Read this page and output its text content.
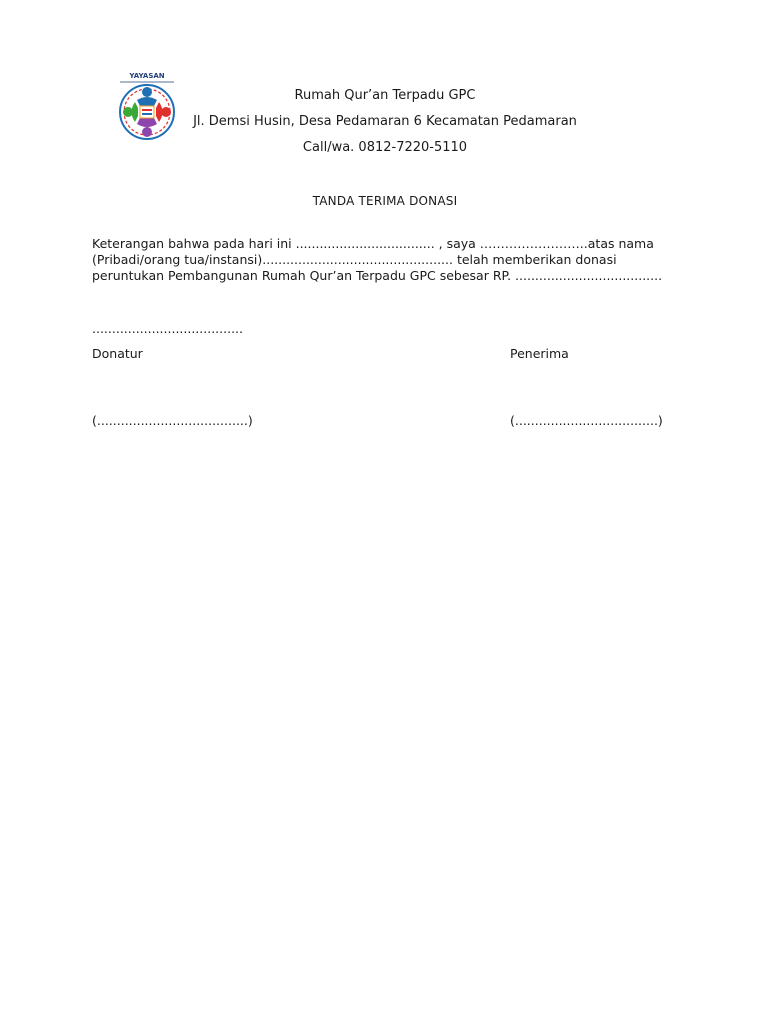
YAYASAN
Rumah Qur’an Terpadu GPC
Jl. Demsi Husin, Desa Pedamaran 6 Kecamatan Pedamaran
Call/wa. 0812-7220-5110
TANDA TERIMA DONASI
Keterangan bahwa pada hari ini ................................... , saya ……………………..atas nama
(Pribadi/orang tua/instansi)................................................ telah memberikan donasi
peruntukan Pembangunan Rumah Qur’an Terpadu GPC sebesar RP. .....................................
......................................
Donatur	Penerima
(......................................)	(....................................)
